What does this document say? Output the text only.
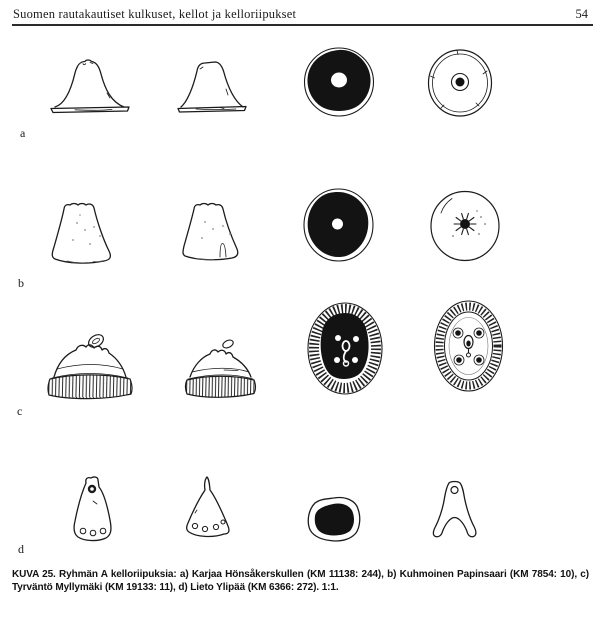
Suomen rautakautiset kulkuset, kellot ja kelloriipukset	54
a
b
c
d

KUVA 25. Ryhmän A kelloriipuksia: a) Karjaa Hönsåkerskullen (KM 11138: 244), b) Kuhmoinen Papinsaari (KM 7854: 10), c) Tyrväntö Myllymäki (KM 19133: 11), d) Lieto Ylipää (KM 6366: 272). 1:1.
